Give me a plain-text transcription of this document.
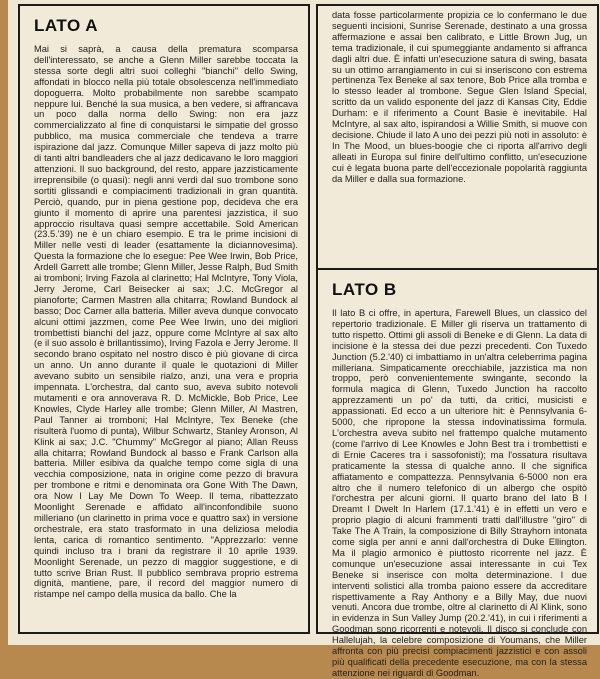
LATO A
Mai si saprà, a causa della prematura scomparsa dell'interessato, se anche a Glenn Miller sarebbe toccata la stessa sorte degli altri suoi colleghi "bianchi" dello Swing, affondati in blocco nella più totale obsolescenza nell'immediato dopoguerra. Molto probabilmente non sarebbe scampato neppure lui. Benché la sua musica, a ben vedere, si affrancava un poco dalla norma dello Swing: non era jazz commercializzato al fine di conquistarsi le simpatie del grosso pubblico, ma musica commerciale che tendeva a trarre ispirazione dal jazz. Comunque Miller sapeva di jazz molto più di tanti altri bandleaders che al jazz dedicavano le loro maggiori attenzioni. Il suo background, del resto, appare jazzisticamente irreprensibile (o quasi): negli anni verdi dal suo trombone sono sortiti glissandi e compiacimenti tradizionali in gran quantità. Perciò, quando, pur in piena gestione pop, decideva che era giunto il momento di aprire una parentesi jazzistica, il suo approccio risultava quasi sempre accettabile. Sold American (23.5.'39) ne è un chiaro esempio. E tra le prime incisioni di Miller nelle vesti di leader (esattamente la diciannovesima). Questa la formazione che lo esegue: Pee Wee Irwin, Bob Price, Ardell Garrett alle trombe; Glenn Miller, Jesse Ralph, Bud Smith ai tromboni; Irving Fazola al clarinetto; Hal McIntyre, Tony Viola, Jerry Jerome, Carl Beisecker ai sax; J.C. McGregor al pianoforte; Carmen Mastren alla chitarra; Rowland Bundock al basso; Doc Carner alla batteria. Miller aveva dunque convocato alcuni ottimi jazzmen, come Pee Wee Irwin, uno dei migliori trombettisti bianchi del jazz, oppure come McIntyre al sax alto (e il suo assolo è brillantissimo), Irving Fazola e Jerry Jerome. Il secondo brano ospitato nel nostro disco è più giovane di circa un anno. Un anno durante il quale le quotazioni di Miller avevano subito un sensibile rialzo, anzi, una vera e propria impennata. L'orchestra, dal canto suo, aveva subito notevoli mutamenti e ora annoverava R. D. McMickle, Bob Price, Lee Knowles, Clyde Harley alle trombe; Glenn Miller, Al Mastren, Paul Tanner ai tromboni; Hal McIntyre, Tex Beneke (che risulterà l'uomo di punta), Wilbur Schwartz, Stanley Aronson, Al Klink ai sax; J.C. "Chummy" McGregor al piano; Allan Reuss alla chitarra; Rowland Bundock al basso e Frank Carlson alla batteria. Miller esibiva da qualche tempo come sigla di una vecchia composizione, nata in origine come pezzo di bravura per trombone e ritmi e denominata ora Gone With The Dawn, ora Now I Lay Me Down To Weep. Il tema, ribattezzato Moonlight Serenade e affidato all'inconfondibile suono milleriano (un clarinetto in prima voce e quattro sax) in versione orchestrale, era stato trasformato in una deliziosa melodia lenta, carica di romantico sentimento. "Apprezzarlo: venne quindi incluso tra i brani da registrare il 10 aprile 1939. Moonlight Serenade, un pezzo di maggior suggestione, e di tutto scrive Brian Rust. Il pubblico sembrava proprio estrema dignità, mantiene, pare, il record del maggior numero di ristampe nel campo della musica da ballo. Che la
data fosse particolarmente propizia ce lo confermano le due seguenti incisioni, Sunrise Serenade, destinato a una grossa affermazione e assai ben calibrato, e Little Brown Jug, un tema tradizionale, il cui spumeggiante andamento si affranca dagli altri due. È infatti un'esecuzione satura di swing, basata su un ottimo arrangiamento in cui si inseriscono con estrema pertinenza Tex Beneke al sax tenore, Bob Price alla tromba e lo stesso leader al trombone. Segue Glen Island Special, scritto da un valido esponente del jazz di Kansas City, Eddie Durham: e il riferimento a Count Basie è inevitabile. Hal McIntyre, al sax alto, ispirandosi a Willie Smith, si muove con decisione. Chiude il lato A uno dei pezzi più noti in assoluto: è In The Mood, un blues-boogie che ci riporta all'arrivo degli alleati in Europa sul finire dell'ultimo conflitto, un'esecuzione cui è legata buona parte dell'eccezionale popolarità raggiunta da Miller e dalla sua formazione.
LATO B
Il lato B ci offre, in apertura, Farewell Blues, un classico del repertorio tradizionale. E Miller gli riserva un trattamento di tutto rispetto. Ottimi gli assoli di Beneke e di Glenn. La data di incisione è la stessa dei due pezzi precedenti. Con Tuxedo Junction (5.2.'40) ci imbattiamo in un'altra celeberrima pagina milleriana. Simpaticamente orecchiabile, jazzistica ma non troppo, però convenientemente swingante, secondo la formula magica di Glenn, Tuxedo Junction ha raccolto apprezzamenti un po' da tutti, da critici, musicisti e appassionati. Ed ecco a un ulteriore hit: è Pennsylvania 6-5000, che ripropone la stessa indovinatissima formula. L'orchestra aveva subito nel frattempo qualche mutamento (come l'arrivo di Lee Knowles e John Best tra i trombettisti e di Ernie Caceres tra i sassofonisti); ma l'ossatura risultava praticamente la stessa di qualche anno. Il che significa affiatamento e compattezza. Pennsylvania 6-5000 non era altro che il numero telefonico di un albergo che ospitò l'orchestra per alcuni giorni. Il quarto brano del lato B I Dreamt I Dwelt In Harlem (17.1.'41) è in effetti un vero e proprio plagio di alcuni frammenti tratti dall'illustre "giro" di Take The A Train, la composizione di Billy Strayhorn intonata come sigla per anni e anni dall'orchestra di Duke Ellington. Ma il plagio armonico è piuttosto ricorrente nel jazz. È comunque un'esecuzione assai interessante in cui Tex Beneke si inserisce con molta determinazione. I due interventi solistici alla tromba paiono essere da accreditare rispettivamente a Ray Anthony e a Billy May, due nuovi venuti. Ancora due trombe, oltre al clarinetto di Al Klink, sono in evidenza in Sun Valley Jump (20.2.'41), in cui i riferimenti a Goodman sono ricorrenti e notevoli. Il disco si conclude con Hallelujah, la celebre composizione di Youmans, che Miller affronta con più precisi compiacimenti jazzistici e con assoli più qualificati della precedente esecuzione, ma con la stessa attenzione nei riguardi di Goodman.
